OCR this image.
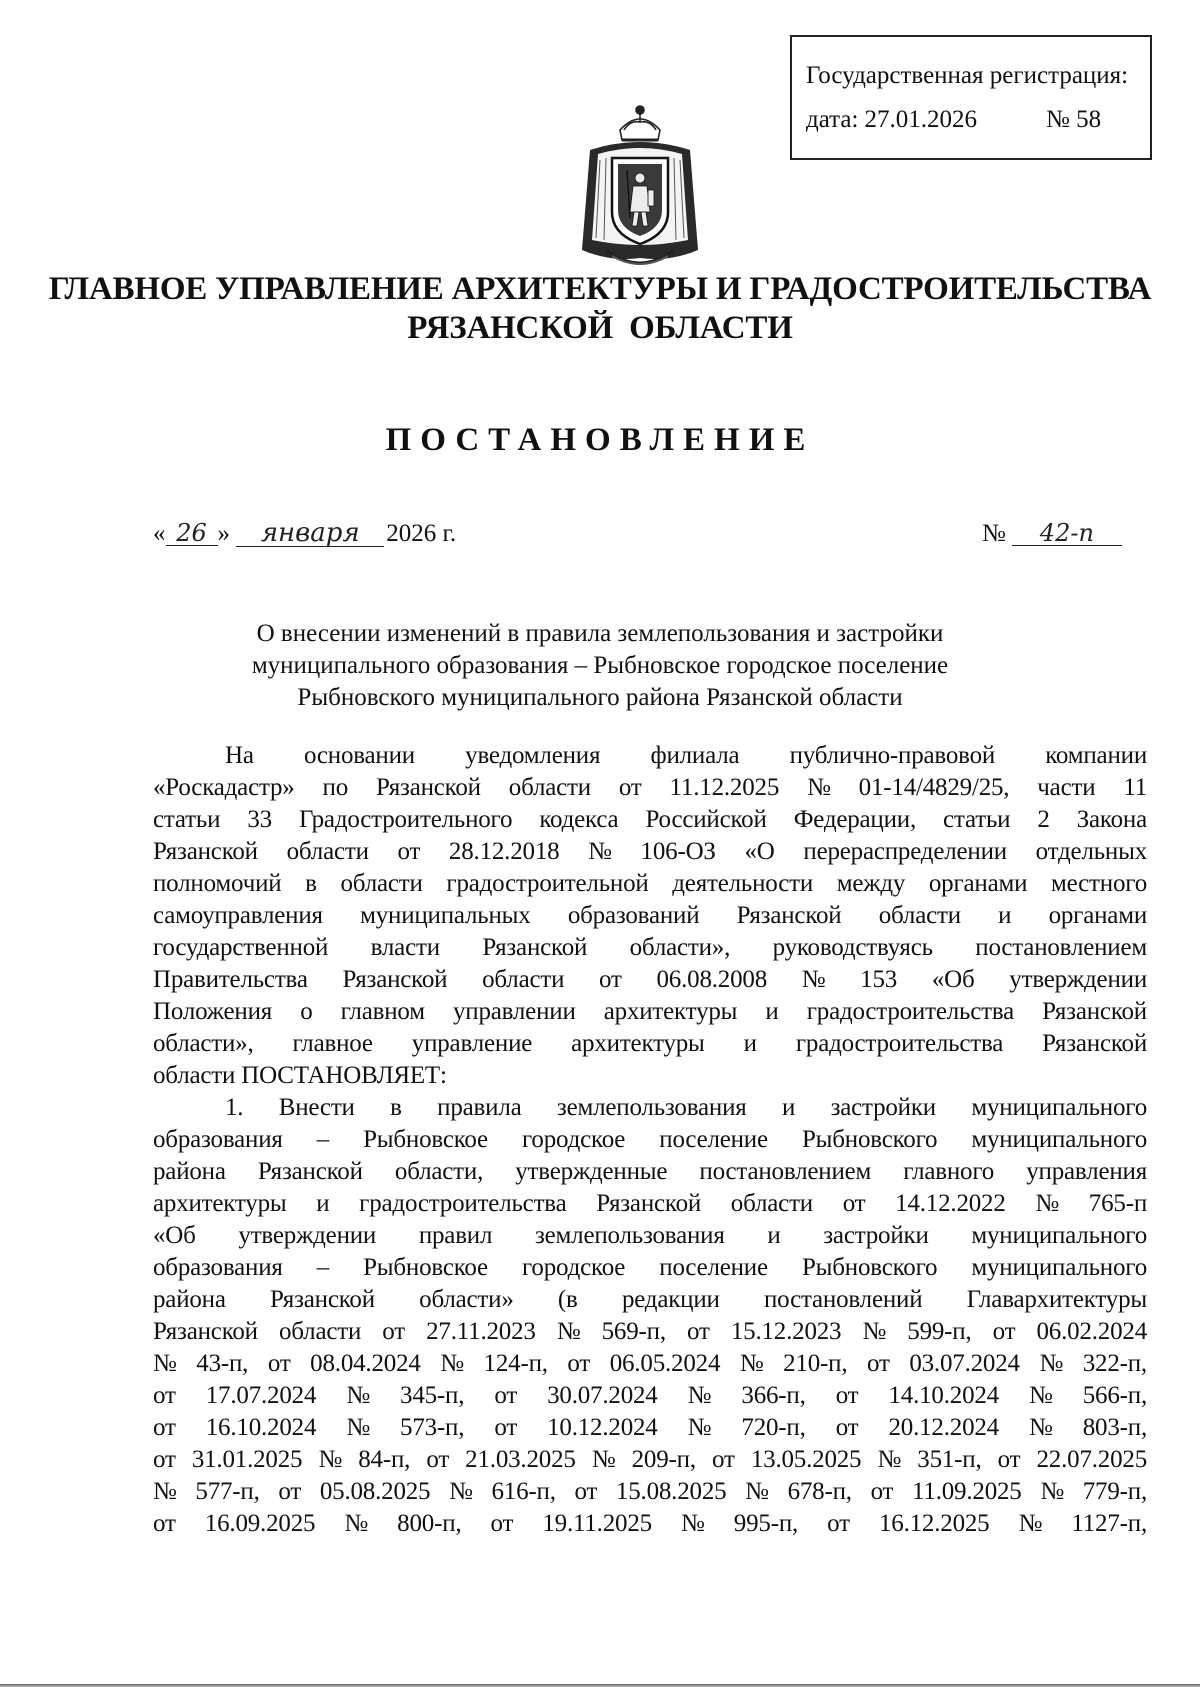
Государственная регистрация:
дата: 27.01.2026	№ 58
ГЛАВНОЕ УПРАВЛЕНИЕ АРХИТЕКТУРЫ И ГРАДОСТРОИТЕЛЬСТВА
РЯЗАНСКОЙ  ОБЛАСТИ
ПОСТАНОВЛЕНИЕ
« 26 » января 2026 г.	№ 42-п
О внесении изменений в правила землепользования и застройки
муниципального образования – Рыбновское городское поселение
Рыбновского муниципального района Рязанской области
На основании уведомления филиала публично-правовой компании
«Роскадастр» по Рязанской области от 11.12.2025 № 01-14/4829/25, части 11
статьи 33 Градостроительного кодекса Российской Федерации, статьи 2 Закона
Рязанской области от 28.12.2018 № 106-ОЗ «О перераспределении отдельных
полномочий в области градостроительной деятельности между органами местного
самоуправления муниципальных образований Рязанской области и органами
государственной власти Рязанской области», руководствуясь постановлением
Правительства Рязанской области от 06.08.2008 № 153 «Об утверждении
Положения о главном управлении архитектуры и градостроительства Рязанской
области», главное управление архитектуры и градостроительства Рязанской
области ПОСТАНОВЛЯЕТ:
1. Внести в правила землепользования и застройки муниципального
образования – Рыбновское городское поселение Рыбновского муниципального
района Рязанской области, утвержденные постановлением главного управления
архитектуры и градостроительства Рязанской области от 14.12.2022 № 765-п
«Об утверждении правил землепользования и застройки муниципального
образования – Рыбновское городское поселение Рыбновского муниципального
района Рязанской области» (в редакции постановлений Главархитектуры
Рязанской области от 27.11.2023 № 569-п, от 15.12.2023 № 599-п, от 06.02.2024
№ 43-п, от 08.04.2024 № 124-п, от 06.05.2024 № 210-п, от 03.07.2024 № 322-п,
от 17.07.2024 № 345-п, от 30.07.2024 № 366-п, от 14.10.2024 № 566-п,
от 16.10.2024 № 573-п, от 10.12.2024 № 720-п, от 20.12.2024 № 803-п,
от 31.01.2025 № 84-п, от 21.03.2025 № 209-п, от 13.05.2025 № 351-п, от 22.07.2025
№ 577-п, от 05.08.2025 № 616-п, от 15.08.2025 № 678-п, от 11.09.2025 № 779-п,
от 16.09.2025 № 800-п, от 19.11.2025 № 995-п, от 16.12.2025 № 1127-п,
